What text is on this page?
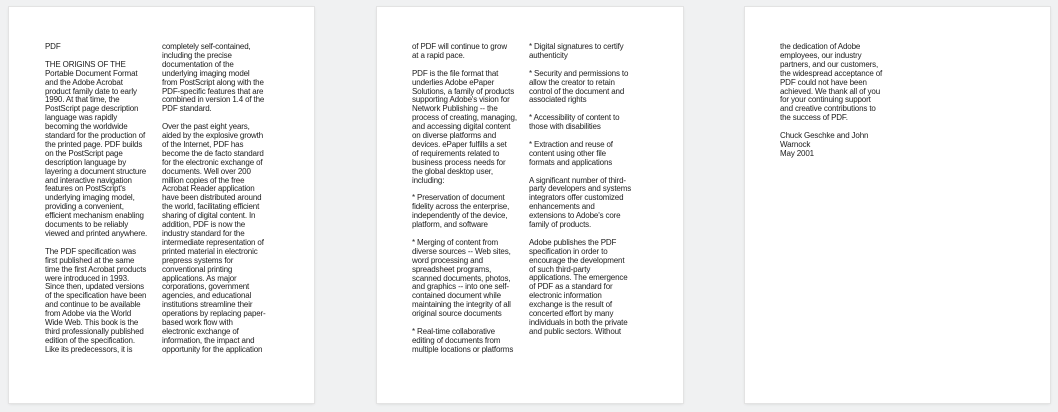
PDF

THE ORIGINS OF THE
Portable Document Format
and the Adobe Acrobat
product family date to early
1990. At that time, the
PostScript page description
language was rapidly
becoming the worldwide
standard for the production of
the printed page. PDF builds
on the PostScript page
description language by
layering a document structure
and interactive navigation
features on PostScript's
underlying imaging model,
providing a convenient,
efficient mechanism enabling
documents to be reliably
viewed and printed anywhere.

The PDF specification was
first published at the same
time the first Acrobat products
were introduced in 1993.
Since then, updated versions
of the specification have been
and continue to be available
from Adobe via the World
Wide Web. This book is the
third professionally published
edition of the specification.
Like its predecessors, it is

completely self-contained,
including the precise
documentation of the
underlying imaging model
from PostScript along with the
PDF-specific features that are
combined in version 1.4 of the
PDF standard.

Over the past eight years,
aided by the explosive growth
of the Internet, PDF has
become the de facto standard
for the electronic exchange of
documents. Well over 200
million copies of the free
Acrobat Reader application
have been distributed around
the world, facilitating efficient
sharing of digital content. In
addition, PDF is now the
industry standard for the
intermediate representation of
printed material in electronic
prepress systems for
conventional printing
applications. As major
corporations, government
agencies, and educational
institutions streamline their
operations by replacing paper-
based work flow with
electronic exchange of
information, the impact and
opportunity for the application

of PDF will continue to grow
at a rapid pace.

PDF is the file format that
underlies Adobe ePaper
Solutions, a family of products
supporting Adobe's vision for
Network Publishing -- the
process of creating, managing,
and accessing digital content
on diverse platforms and
devices. ePaper fulfills a set
of requirements related to
business process needs for
the global desktop user,
including:

* Preservation of document
fidelity across the enterprise,
independently of the device,
platform, and software

* Merging of content from
diverse sources -- Web sites,
word processing and
spreadsheet programs,
scanned documents, photos,
and graphics -- into one self-
contained document while
maintaining the integrity of all
original source documents

* Real-time collaborative
editing of documents from
multiple locations or platforms

* Digital signatures to certify
authenticity

* Security and permissions to
allow the creator to retain
control of the document and
associated rights

* Accessibility of content to
those with disabilities

* Extraction and reuse of
content using other file
formats and applications

A significant number of third-
party developers and systems
integrators offer customized
enhancements and
extensions to Adobe's core
family of products.

Adobe publishes the PDF
specification in order to
encourage the development
of such third-party
applications. The emergence
of PDF as a standard for
electronic information
exchange is the result of
concerted effort by many
individuals in both the private
and public sectors. Without

the dedication of Adobe
employees, our industry
partners, and our customers,
the widespread acceptance of
PDF could not have been
achieved. We thank all of you
for your continuing support
and creative contributions to
the success of PDF.

Chuck Geschke and John
Warnock
May 2001
